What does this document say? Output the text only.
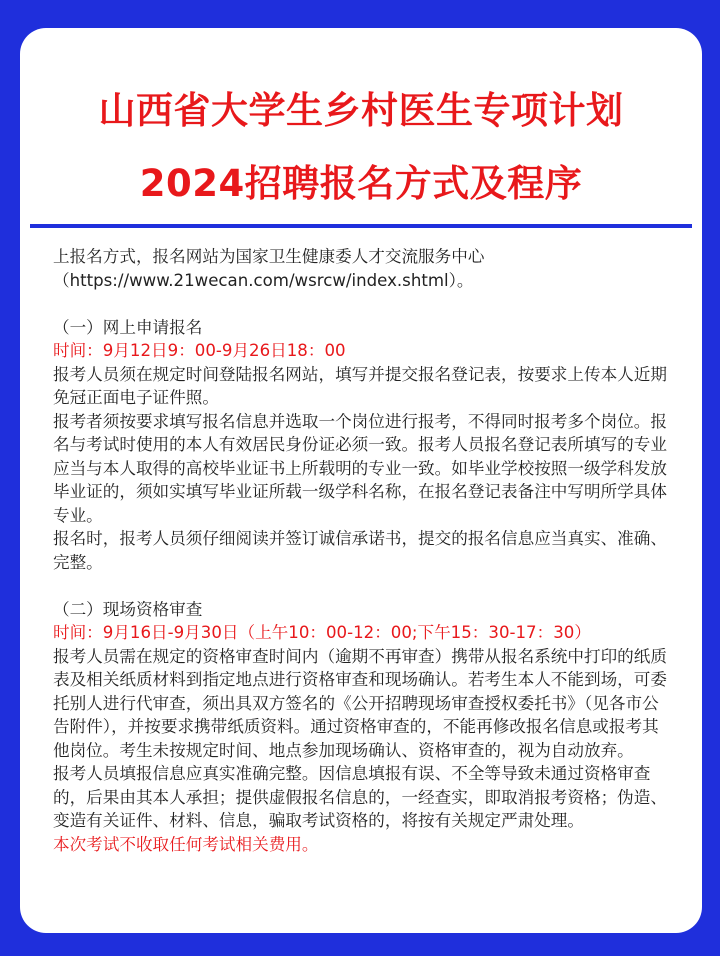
山西省大学生乡村医生专项计划
2024招聘报名方式及程序

上报名方式，报名网站为国家卫生健康委人才交流服务中心（https://www.21wecan.com/wsrcw/index.shtml）。

（一）网上申请报名

时间：9月12日9：00-9月26日18：00

报考人员须在规定时间登陆报名网站，填写并提交报名登记表，按要求上传本人近期免冠正面电子证件照。

报考者须按要求填写报名信息并选取一个岗位进行报考，不得同时报考多个岗位。报名与考试时使用的本人有效居民身份证必须一致。报考人员报名登记表所填写的专业应当与本人取得的高校毕业证书上所载明的专业一致。如毕业学校按照一级学科发放毕业证的，须如实填写毕业证所载一级学科名称，在报名登记表备注中写明所学具体专业。

报名时，报考人员须仔细阅读并签订诚信承诺书，提交的报名信息应当真实、准确、完整。

（二）现场资格审查

时间：9月16日-9月30日（上午10：00-12：00;下午15：30-17：30）

报考人员需在规定的资格审查时间内（逾期不再审查）携带从报名系统中打印的纸质表及相关纸质材料到指定地点进行资格审查和现场确认。若考生本人不能到场，可委托别人进行代审查，须出具双方签名的《公开招聘现场审查授权委托书》（见各市公告附件），并按要求携带纸质资料。通过资格审查的，不能再修改报名信息或报考其他岗位。考生未按规定时间、地点参加现场确认、资格审查的，视为自动放弃。

报考人员填报信息应真实准确完整。因信息填报有误、不全等导致未通过资格审查的，后果由其本人承担；提供虚假报名信息的，一经查实，即取消报考资格；伪造、变造有关证件、材料、信息，骗取考试资格的，将按有关规定严肃处理。

本次考试不收取任何考试相关费用。
